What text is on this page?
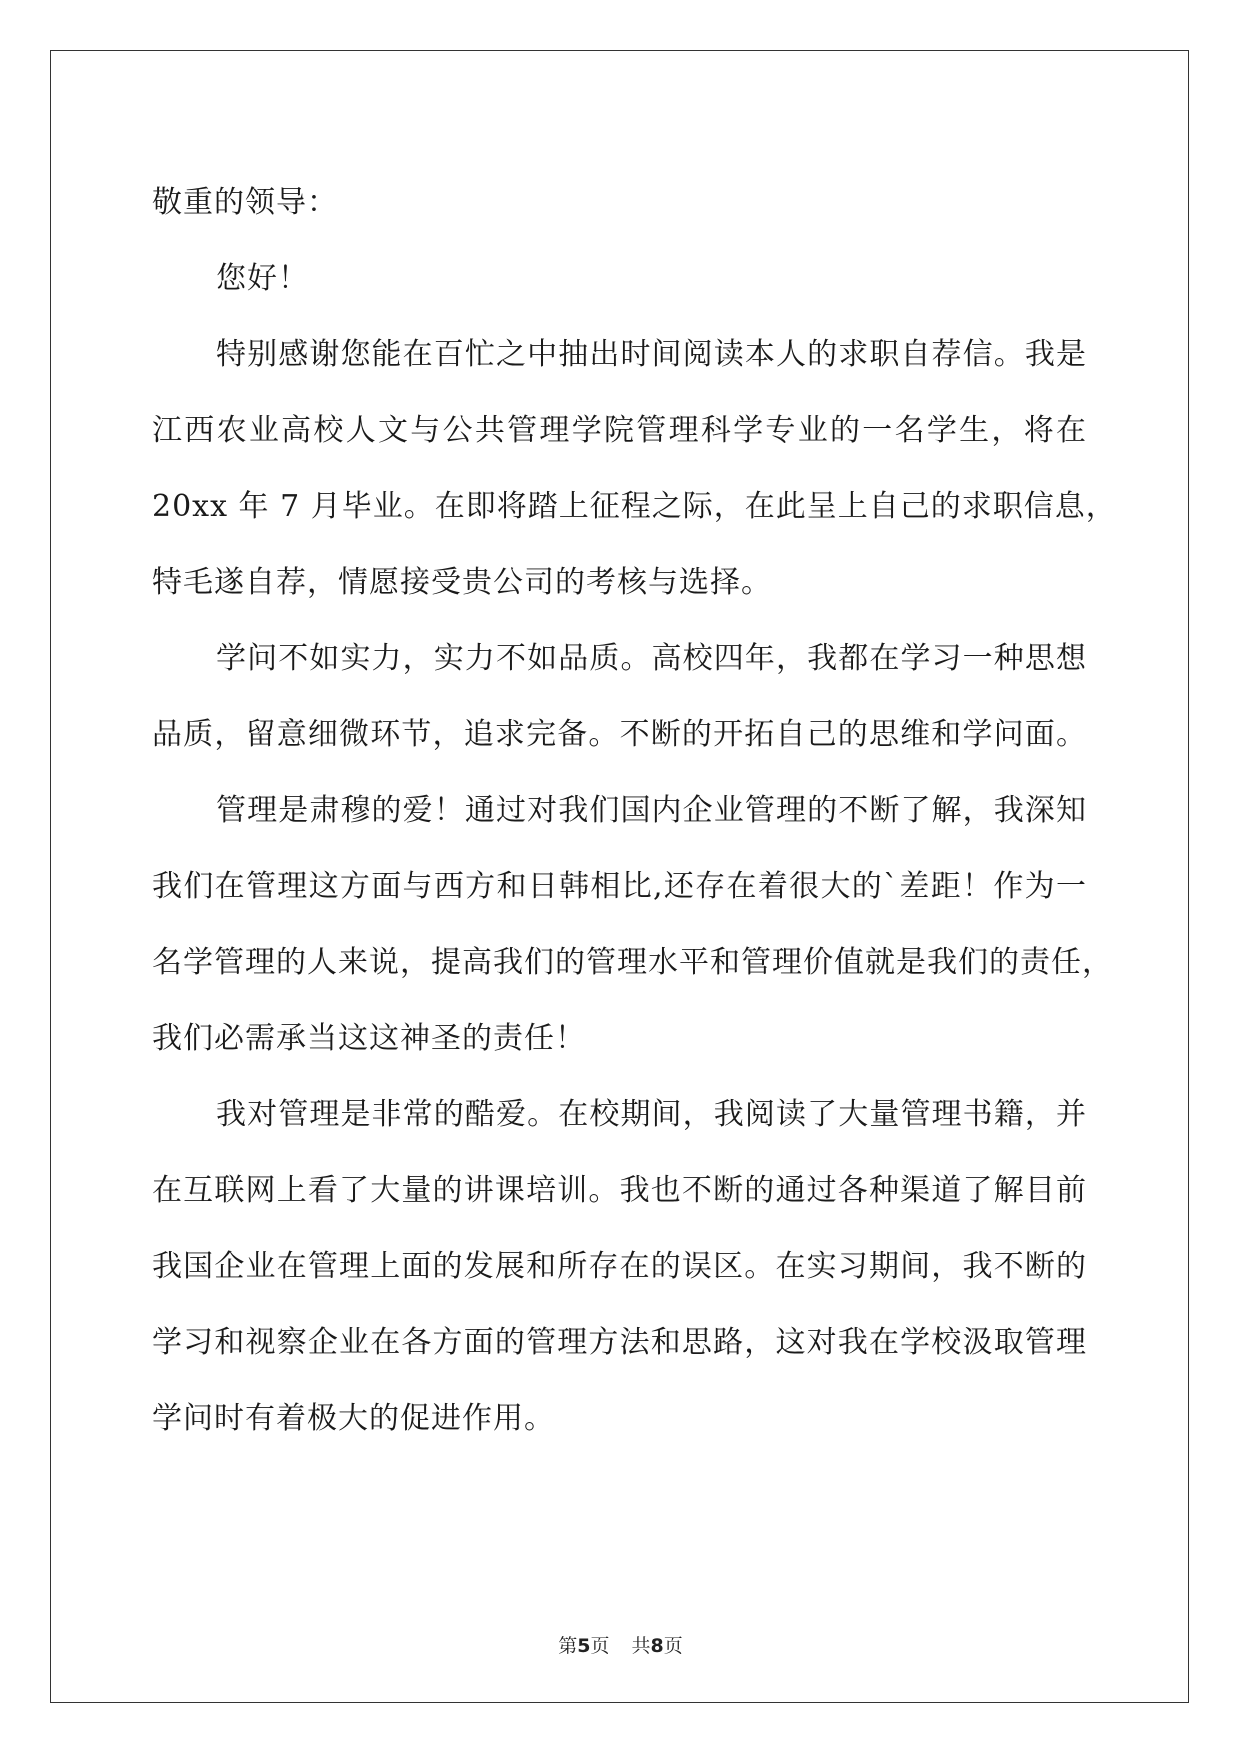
敬重的领导：
您好！
特别感谢您能在百忙之中抽出时间阅读本人的求职自荐信。我是
江西农业高校人文与公共管理学院管理科学专业的一名学生，将在
20xx 年 7 月毕业。在即将踏上征程之际，在此呈上自己的求职信息，
特毛遂自荐，情愿接受贵公司的考核与选择。
学问不如实力，实力不如品质。高校四年，我都在学习一种思想
品质，留意细微环节，追求完备。不断的开拓自己的思维和学问面。
管理是肃穆的爱！通过对我们国内企业管理的不断了解，我深知
我们在管理这方面与西方和日韩相比,还存在着很大的`差距！作为一
名学管理的人来说，提高我们的管理水平和管理价值就是我们的责任，
我们必需承当这这神圣的责任！
我对管理是非常的酷爱。在校期间，我阅读了大量管理书籍，并
在互联网上看了大量的讲课培训。我也不断的通过各种渠道了解目前
我国企业在管理上面的发展和所存在的误区。在实习期间，我不断的
学习和视察企业在各方面的管理方法和思路，这对我在学校汲取管理
学问时有着极大的促进作用。
第5页 共8页
